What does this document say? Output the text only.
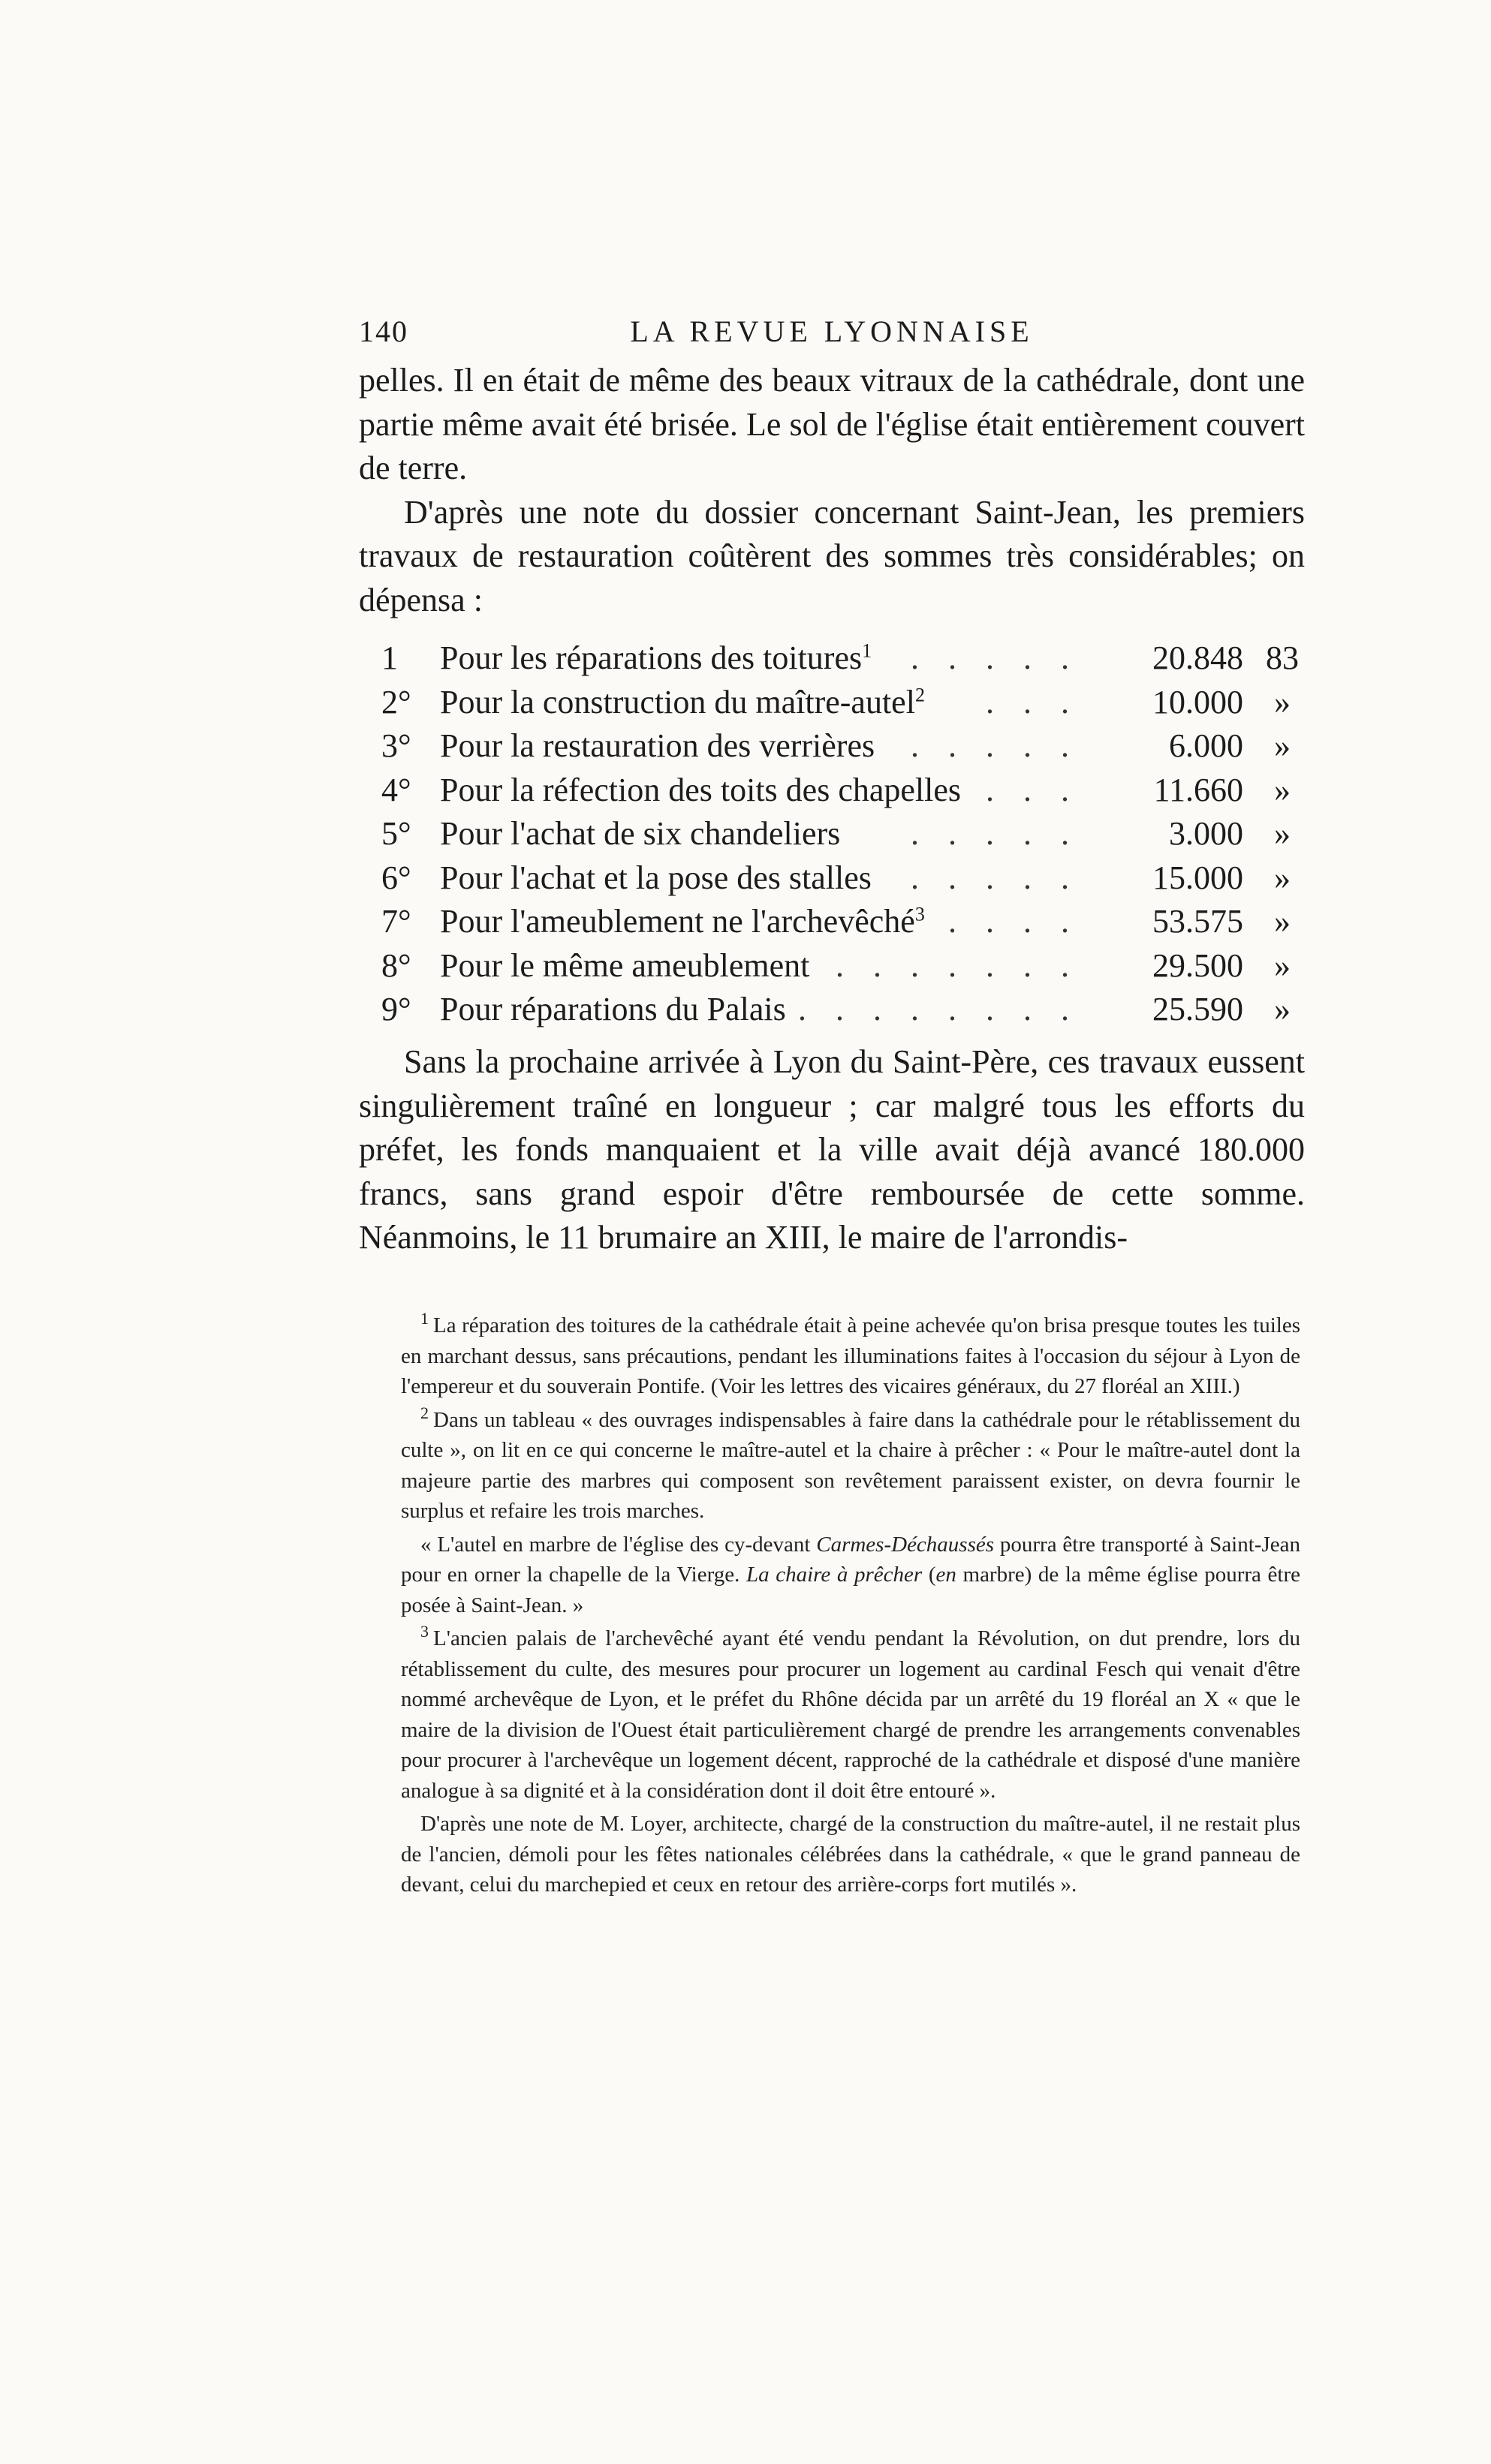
140	LA REVUE LYONNAISE

pelles. Il en était de même des beaux vitraux de la cathédrale, dont une partie même avait été brisée. Le sol de l'église était entièrement couvert de terre.

D'après une note du dossier concernant Saint-Jean, les premiers travaux de restauration coûtèrent des sommes très considérables; on dépensa :

1 Pour les réparations des toitures$^1$ . . . . . 20.848 83
2° Pour la construction du maître-autel$^2$ . . . 10.000 »
3° Pour la restauration des verrières . . . . .	6.000 »
4° Pour la réfection des toits des chapelles . . . 11.660 »
5° Pour l'achat de six chandeliers . . . . .	3.000 »
6° Pour l'achat et la pose des stalles . . . . . 15.000 »
7° Pour l'ameublement ne l'archevêché$^3$ . . . . 53.575 »
8° Pour le même ameublement . . . . . . . 29.500 »
9° Pour réparations du Palais . . . . . . . . 25.590 »

Sans la prochaine arrivée à Lyon du Saint-Père, ces travaux eussent singulièrement traîné en longueur ; car malgré tous les efforts du préfet, les fonds manquaient et la ville avait déjà avancé 180.000 francs, sans grand espoir d'être remboursée de cette somme. Néanmoins, le 11 brumaire an XIII, le maire de l'arrondis-

$^1$ La réparation des toitures de la cathédrale était à peine achevée qu'on brisa presque toutes les tuiles en marchant dessus, sans précautions, pendant les illuminations faites à l'occasion du séjour à Lyon de l'empereur et du souverain Pontife. (Voir les lettres des vicaires généraux, du 27 floréal an XIII.)

$^2$ Dans un tableau « des ouvrages indispensables à faire dans la cathédrale pour le rétablissement du culte », on lit en ce qui concerne le maître-autel et la chaire à prêcher : « Pour le maître-autel dont la majeure partie des marbres qui composent son revêtement paraissent exister, on devra fournir le surplus et refaire les trois marches.

« L'autel en marbre de l'église des cy-devant Carmes-Déchaussés pourra être transporté à Saint-Jean pour en orner la chapelle de la Vierge. La chaire à prêcher (en marbre) de la même église pourra être posée à Saint-Jean. »

$^3$ L'ancien palais de l'archevêché ayant été vendu pendant la Révolution, on dut prendre, lors du rétablissement du culte, des mesures pour procurer un logement au cardinal Fesch qui venait d'être nommé archevêque de Lyon, et le préfet du Rhône décida par un arrêté du 19 floréal an X « que le maire de la division de l'Ouest était particulièrement chargé de prendre les arrangements convenables pour procurer à l'archevêque un logement décent, rapproché de la cathédrale et disposé d'une manière analogue à sa dignité et à la considération dont il doit être entouré ».

D'après une note de M. Loyer, architecte, chargé de la construction du maître-autel, il ne restait plus de l'ancien, démoli pour les fêtes nationales célébrées dans la cathédrale, « que le grand panneau de devant, celui du marchepied et ceux en retour des arrière-corps fort mutilés ».
